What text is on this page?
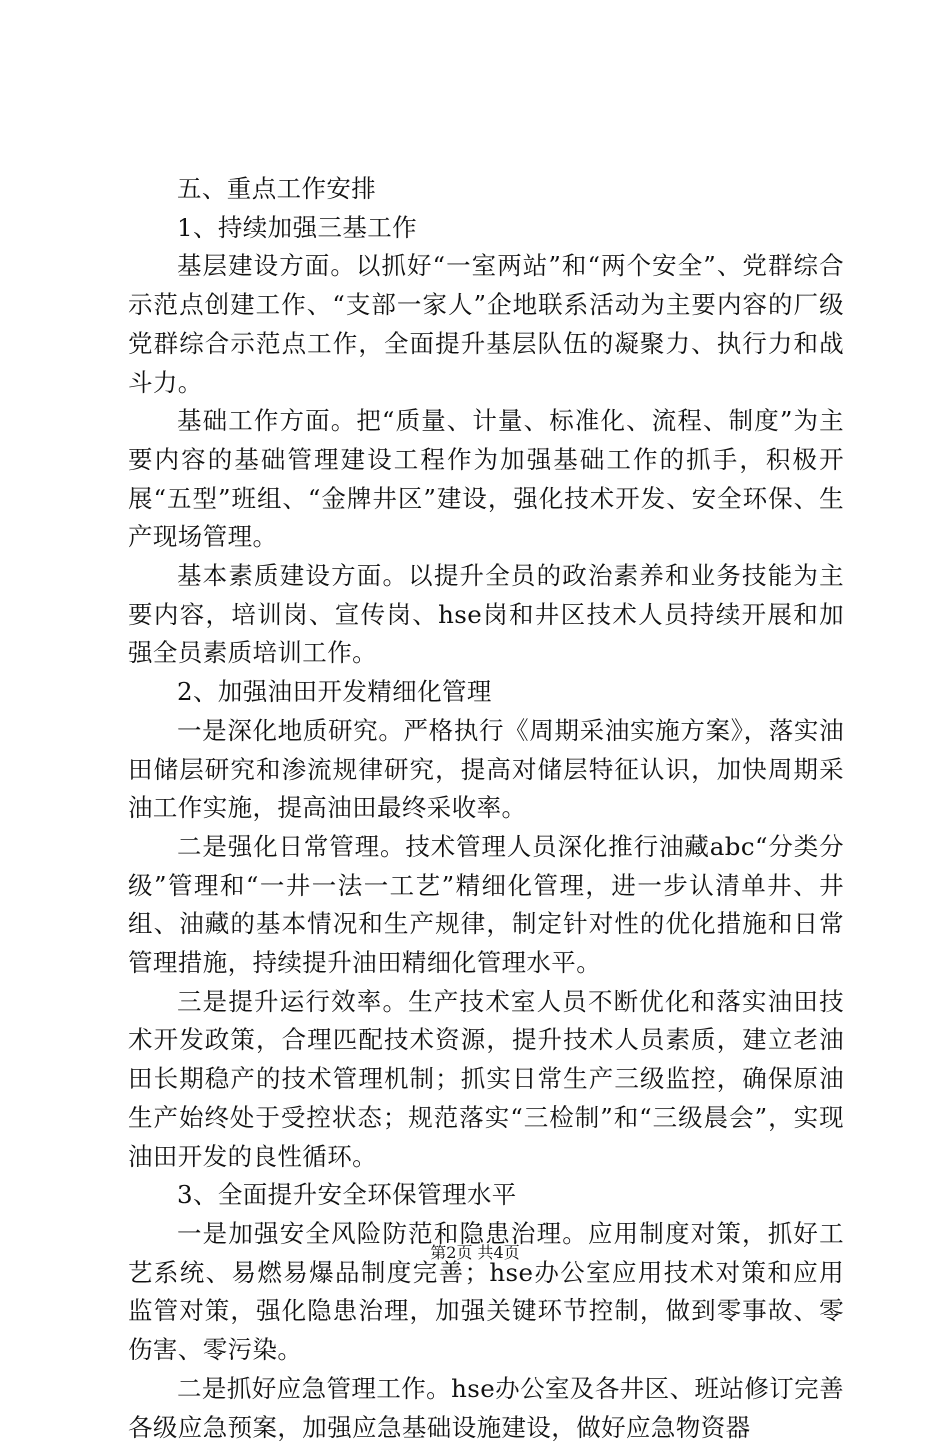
五、重点工作安排

1、持续加强三基工作

基层建设方面。以抓好“一室两站”和“两个安全”、党群综合示范点创建工作、“支部一家人”企地联系活动为主要内容的厂级党群综合示范点工作，全面提升基层队伍的凝聚力、执行力和战斗力。

基础工作方面。把“质量、计量、标准化、流程、制度”为主要内容的基础管理建设工程作为加强基础工作的抓手，积极开展“五型”班组、“金牌井区”建设，强化技术开发、安全环保、生产现场管理。

基本素质建设方面。以提升全员的政治素养和业务技能为主要内容，培训岗、宣传岗、hse岗和井区技术人员持续开展和加强全员素质培训工作。

2、加强油田开发精细化管理

一是深化地质研究。严格执行《周期采油实施方案》，落实油田储层研究和渗流规律研究，提高对储层特征认识，加快周期采油工作实施，提高油田最终采收率。

二是强化日常管理。技术管理人员深化推行油藏abc“分类分级”管理和“一井一法一工艺”精细化管理，进一步认清单井、井组、油藏的基本情况和生产规律，制定针对性的优化措施和日常管理措施，持续提升油田精细化管理水平。

三是提升运行效率。生产技术室人员不断优化和落实油田技术开发政策，合理匹配技术资源，提升技术人员素质，建立老油田长期稳产的技术管理机制；抓实日常生产三级监控，确保原油生产始终处于受控状态；规范落实“三检制”和“三级晨会”，实现油田开发的良性循环。

3、全面提升安全环保管理水平

一是加强安全风险防范和隐患治理。应用制度对策，抓好工艺系统、易燃易爆品制度完善；hse办公室应用技术对策和应用监管对策，强化隐患治理，加强关键环节控制，做到零事故、零伤害、零污染。

二是抓好应急管理工作。hse办公室及各井区、班站修订完善各级应急预案，加强应急基础设施建设，做好应急物资器

第2页 共4页
